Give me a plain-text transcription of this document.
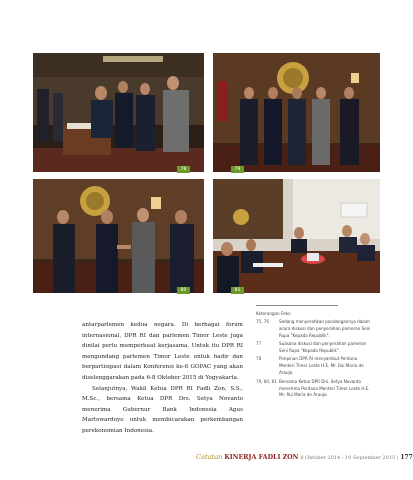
78	79
80	81

antarparlemen kedua negara. Di berbagai forum internasional, DPR RI dan parlemen Timor Leste juga dinilai perlu memperkuat kerjasama. Untuk itu DPR RI mengundang parlemen Timor Leste untuk hadir dan berpartisipasi dalam Konferensi ke-6 GOPAC yang akan diselenggarakan pada 6-8 Oktober 2015 di Yogyakarta.

Selanjutnya, Wakil Ketua DPR RI Fadli Zon, S.S., M.Sc., bersama Ketua DPR Drs. Setya Novanto menerima Gubernur Bank Indonesia Agus Martowardoyo untuk membicarakan perkembangan perekonomian Indonesia.

Keterangan Foto:
75, 76	Sedang menyerahkan pandangannya dalam acara diskusi dan penyerahan pameran Seni Rupa "Kepada Republik".
77	Suasana diskusi dan penyerahan pameran Seni Rupa "Kepada Republik".
78	Pimpinan DPR RI menyambut Perdana Menteri Timor Leste H.E. Mr. Rui Maria de Araujo.
79, 80, 81 Bersama Ketua DPR Drs. Setya Novanto menerima Perdana Menteri Timor Leste H.E. Mr. Rui Maria de Araujo.
Catatan KINERJA FADLI ZON 8 Oktober 2014 - 10 September 2015 | 177
